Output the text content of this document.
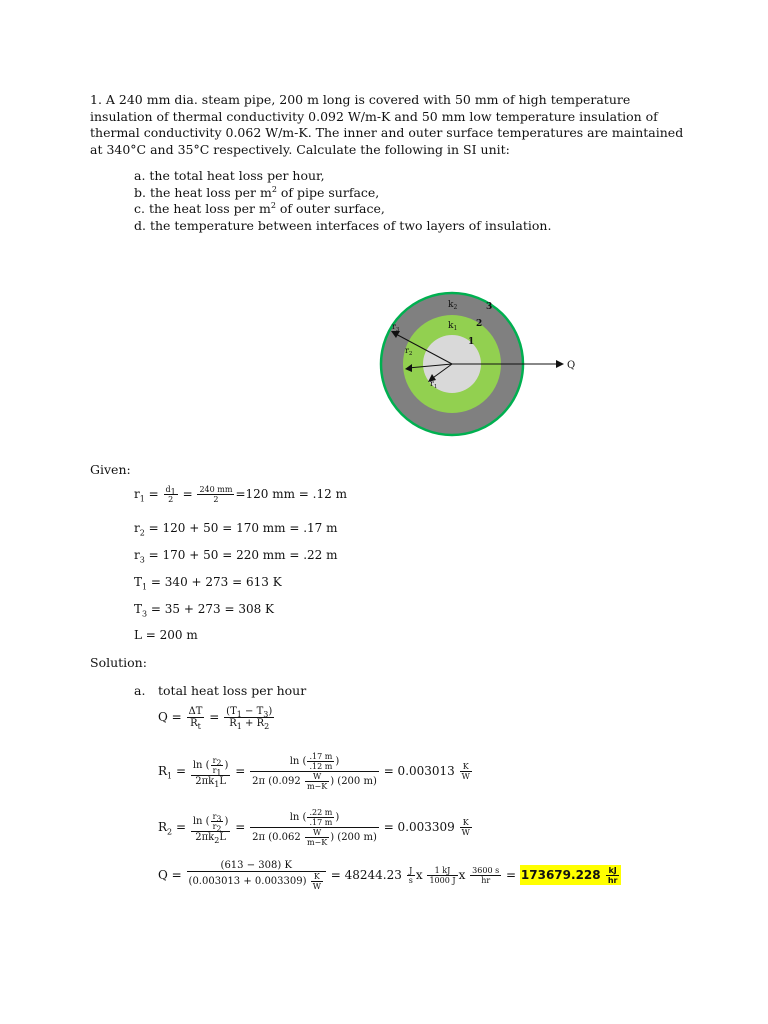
1. A 240 mm dia. steam pipe, 200 m long is covered with 50 mm of high temperature insulation of thermal conductivity 0.092 W/m-K and 50 mm low temperature insulation of thermal conductivity 0.062 W/m-K. The inner and outer surface temperatures are maintained at 340°C and 35°C respectively. Calculate the following in SI unit:
a. the total heat loss per hour,
b. the heat loss per $m^2$ of pipe surface,
c. the heat loss per $m^2$ of outer surface,
d. the temperature between interfaces of two layers of insulation.
$k_2$
$k_1$
3
2
1
$r_3$
$r_2$
$r_1$
Q
Given:
$r_1 = \frac{d_1}{2} = \frac{240 mm}{2} =120$ mm = .12 m
$r_2 = 120 + 50 = 170$ mm = .17 m
$r_3 = 170 + 50 = 220$ mm = .22 m
$T_1 = 340 + 273 = 613$ K
$T_3 = 35 + 273 = 308$ K
L = 200 m
Solution:
a. total heat loss per hour
$Q = \frac{\Delta T}{R_t} = \frac{(T_1 - T_3)}{R_1 + R_2}$
$R_1 = \frac{\ln ( \frac{r_2}{r_1} )}{2\pi k_1L} = \frac{\ln ( \frac{.17 m}{.12 m} )}{2\pi (0.092 \frac{W}{m-K} ) (200 m)} = 0.003013 \frac{K}{W}$
$R_2 = \frac{\ln ( \frac{r_3}{r_2} )}{2\pi k_2L} = \frac{\ln ( \frac{.22 m}{.17 m} )}{2\pi (0.062 \frac{W}{m-K} ) (200 m)} = 0.003309 \frac{K}{W}$
$Q = \frac{(613 - 308) K}{(0.003013 + 0.003309) \frac{K}{W}} = 48244.23 \frac{J}{s}$ x $\frac{1 kJ}{1000 J}$ x $\frac{3600 s}{hr} = 173679.228 \frac{kJ}{hr}$
